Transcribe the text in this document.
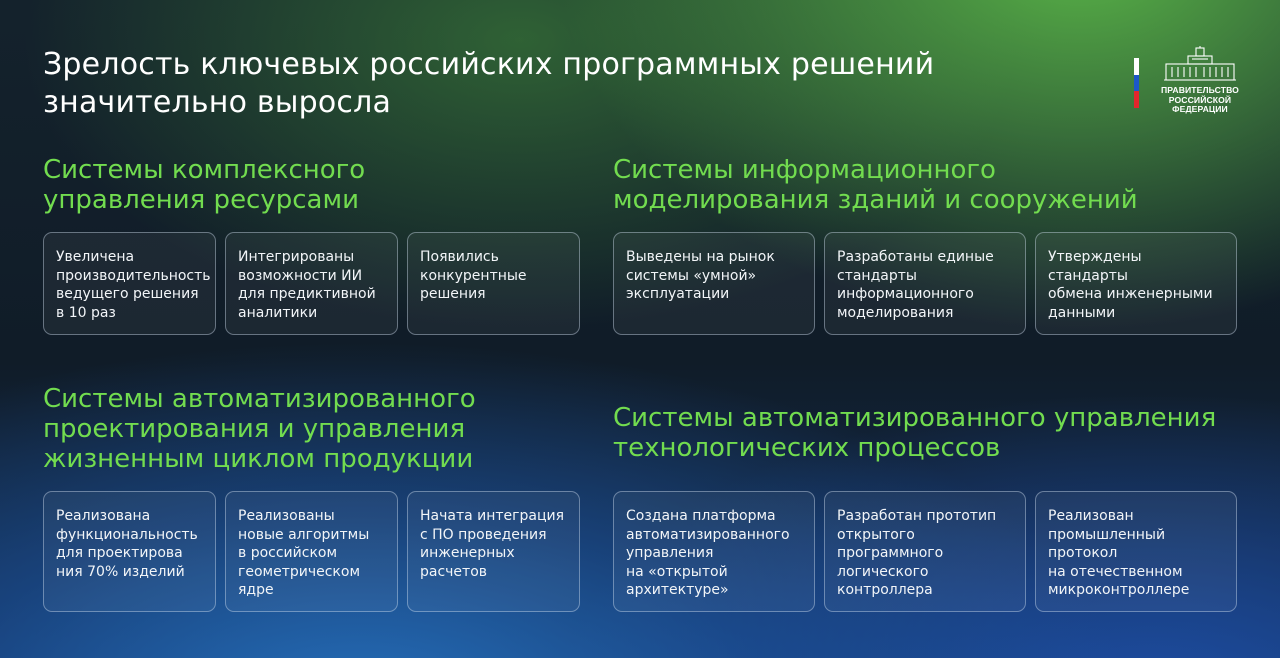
Зрелость ключевых российских программных решений
значительно выросла	ПРАВИТЕЛЬСТВО
РОССИЙСКОЙ
ФЕДЕРАЦИИ
Системы комплексного
управления ресурсами
Увеличена
производительность
ведущего решения
в 10 раз
Интегрированы
возможности ИИ
для предиктивной
аналитики
Появились
конкурентные
решения
Системы информационного
моделирования зданий и сооружений
Выведены на рынок
системы «умной»
эксплуатации
Разработаны единые
стандарты
информационного
моделирования
Утверждены стандарты
обмена инженерными
данными
Системы автоматизированного
проектирования и управления
жизненным циклом продукции
Реализована
функциональность
для проектирова
ния 70% изделий
Реализованы
новые алгоритмы
в российском
геометрическом
ядре
Начата интеграция
с ПО проведения
инженерных
расчетов
Системы автоматизированного управления
технологических процессов
Создана платформа
автоматизированного
управления
на «открытой
архитектуре»
Разработан прототип
открытого программного
логического
контроллера
Реализован
промышленный
протокол
на отечественном
микроконтроллере
